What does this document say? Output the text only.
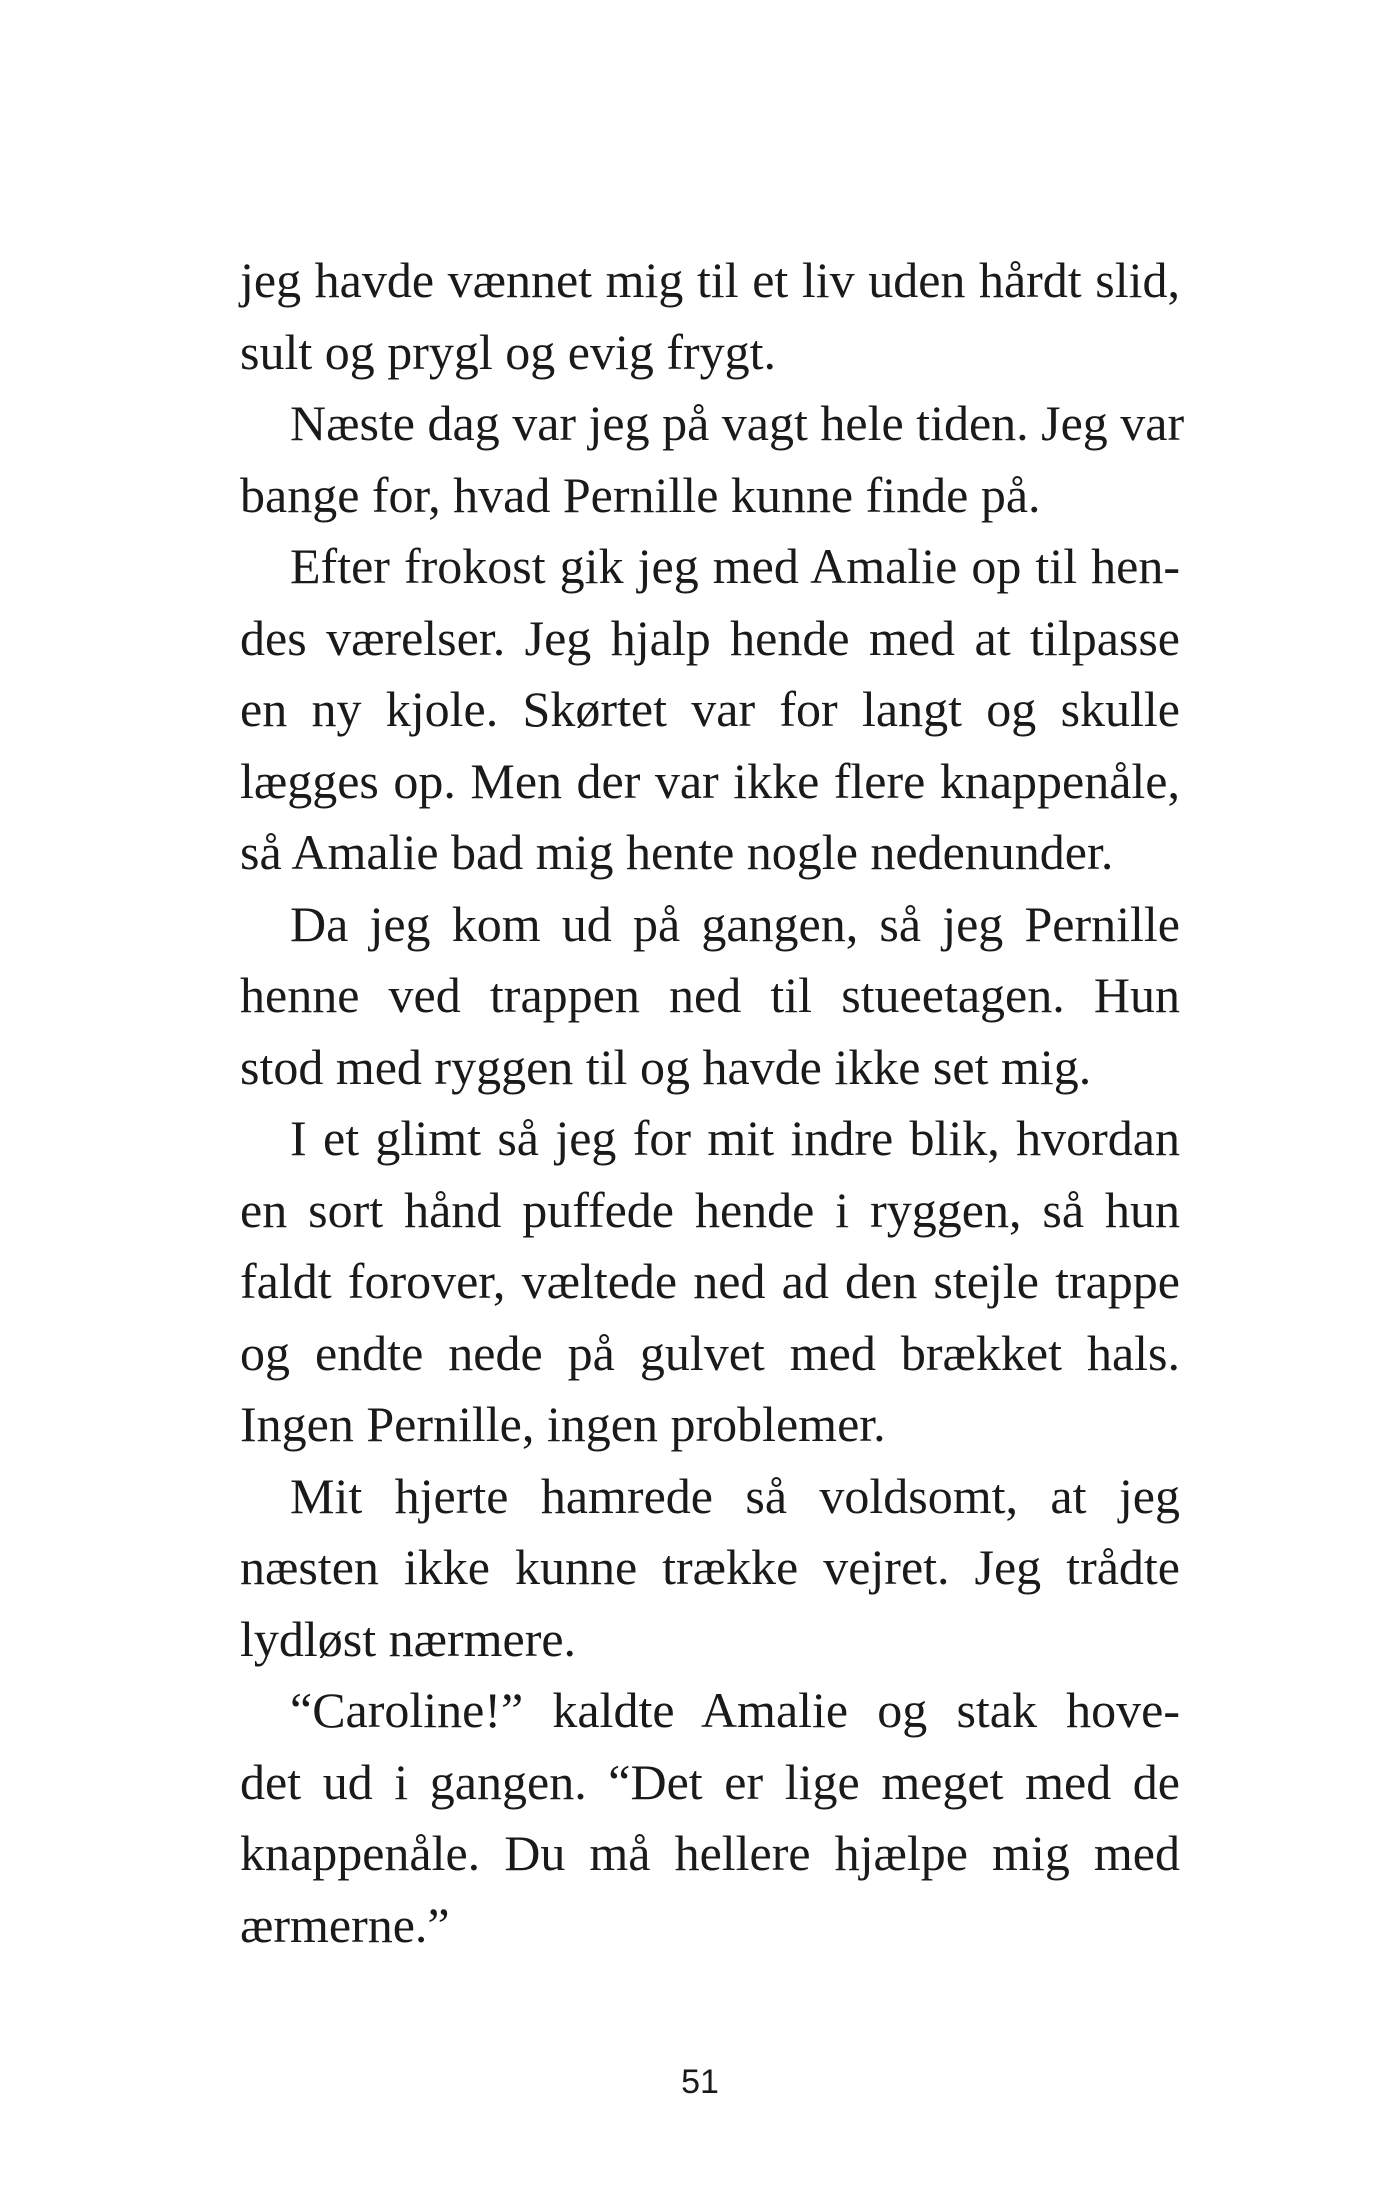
jeg havde vænnet mig til et liv uden hårdt slid,
sult og prygl og evig frygt.
Næste dag var jeg på vagt hele tiden. Jeg var
bange for, hvad Pernille kunne finde på.
Efter frokost gik jeg med Amalie op til hen-
des værelser. Jeg hjalp hende med at tilpasse
en ny kjole. Skørtet var for langt og skulle
lægges op. Men der var ikke flere knappenåle,
så Amalie bad mig hente nogle nedenunder.
Da jeg kom ud på gangen, så jeg Pernille
henne ved trappen ned til stueetagen. Hun
stod med ryggen til og havde ikke set mig.
I et glimt så jeg for mit indre blik, hvordan
en sort hånd puffede hende i ryggen, så hun
faldt forover, væltede ned ad den stejle trappe
og endte nede på gulvet med brækket hals.
Ingen Pernille, ingen problemer.
Mit hjerte hamrede så voldsomt, at jeg
næsten ikke kunne trække vejret. Jeg trådte
lydløst nærmere.
“Caroline!” kaldte Amalie og stak hove-
det ud i gangen. “Det er lige meget med de
knappenåle. Du må hellere hjælpe mig med
ærmerne.”
51
